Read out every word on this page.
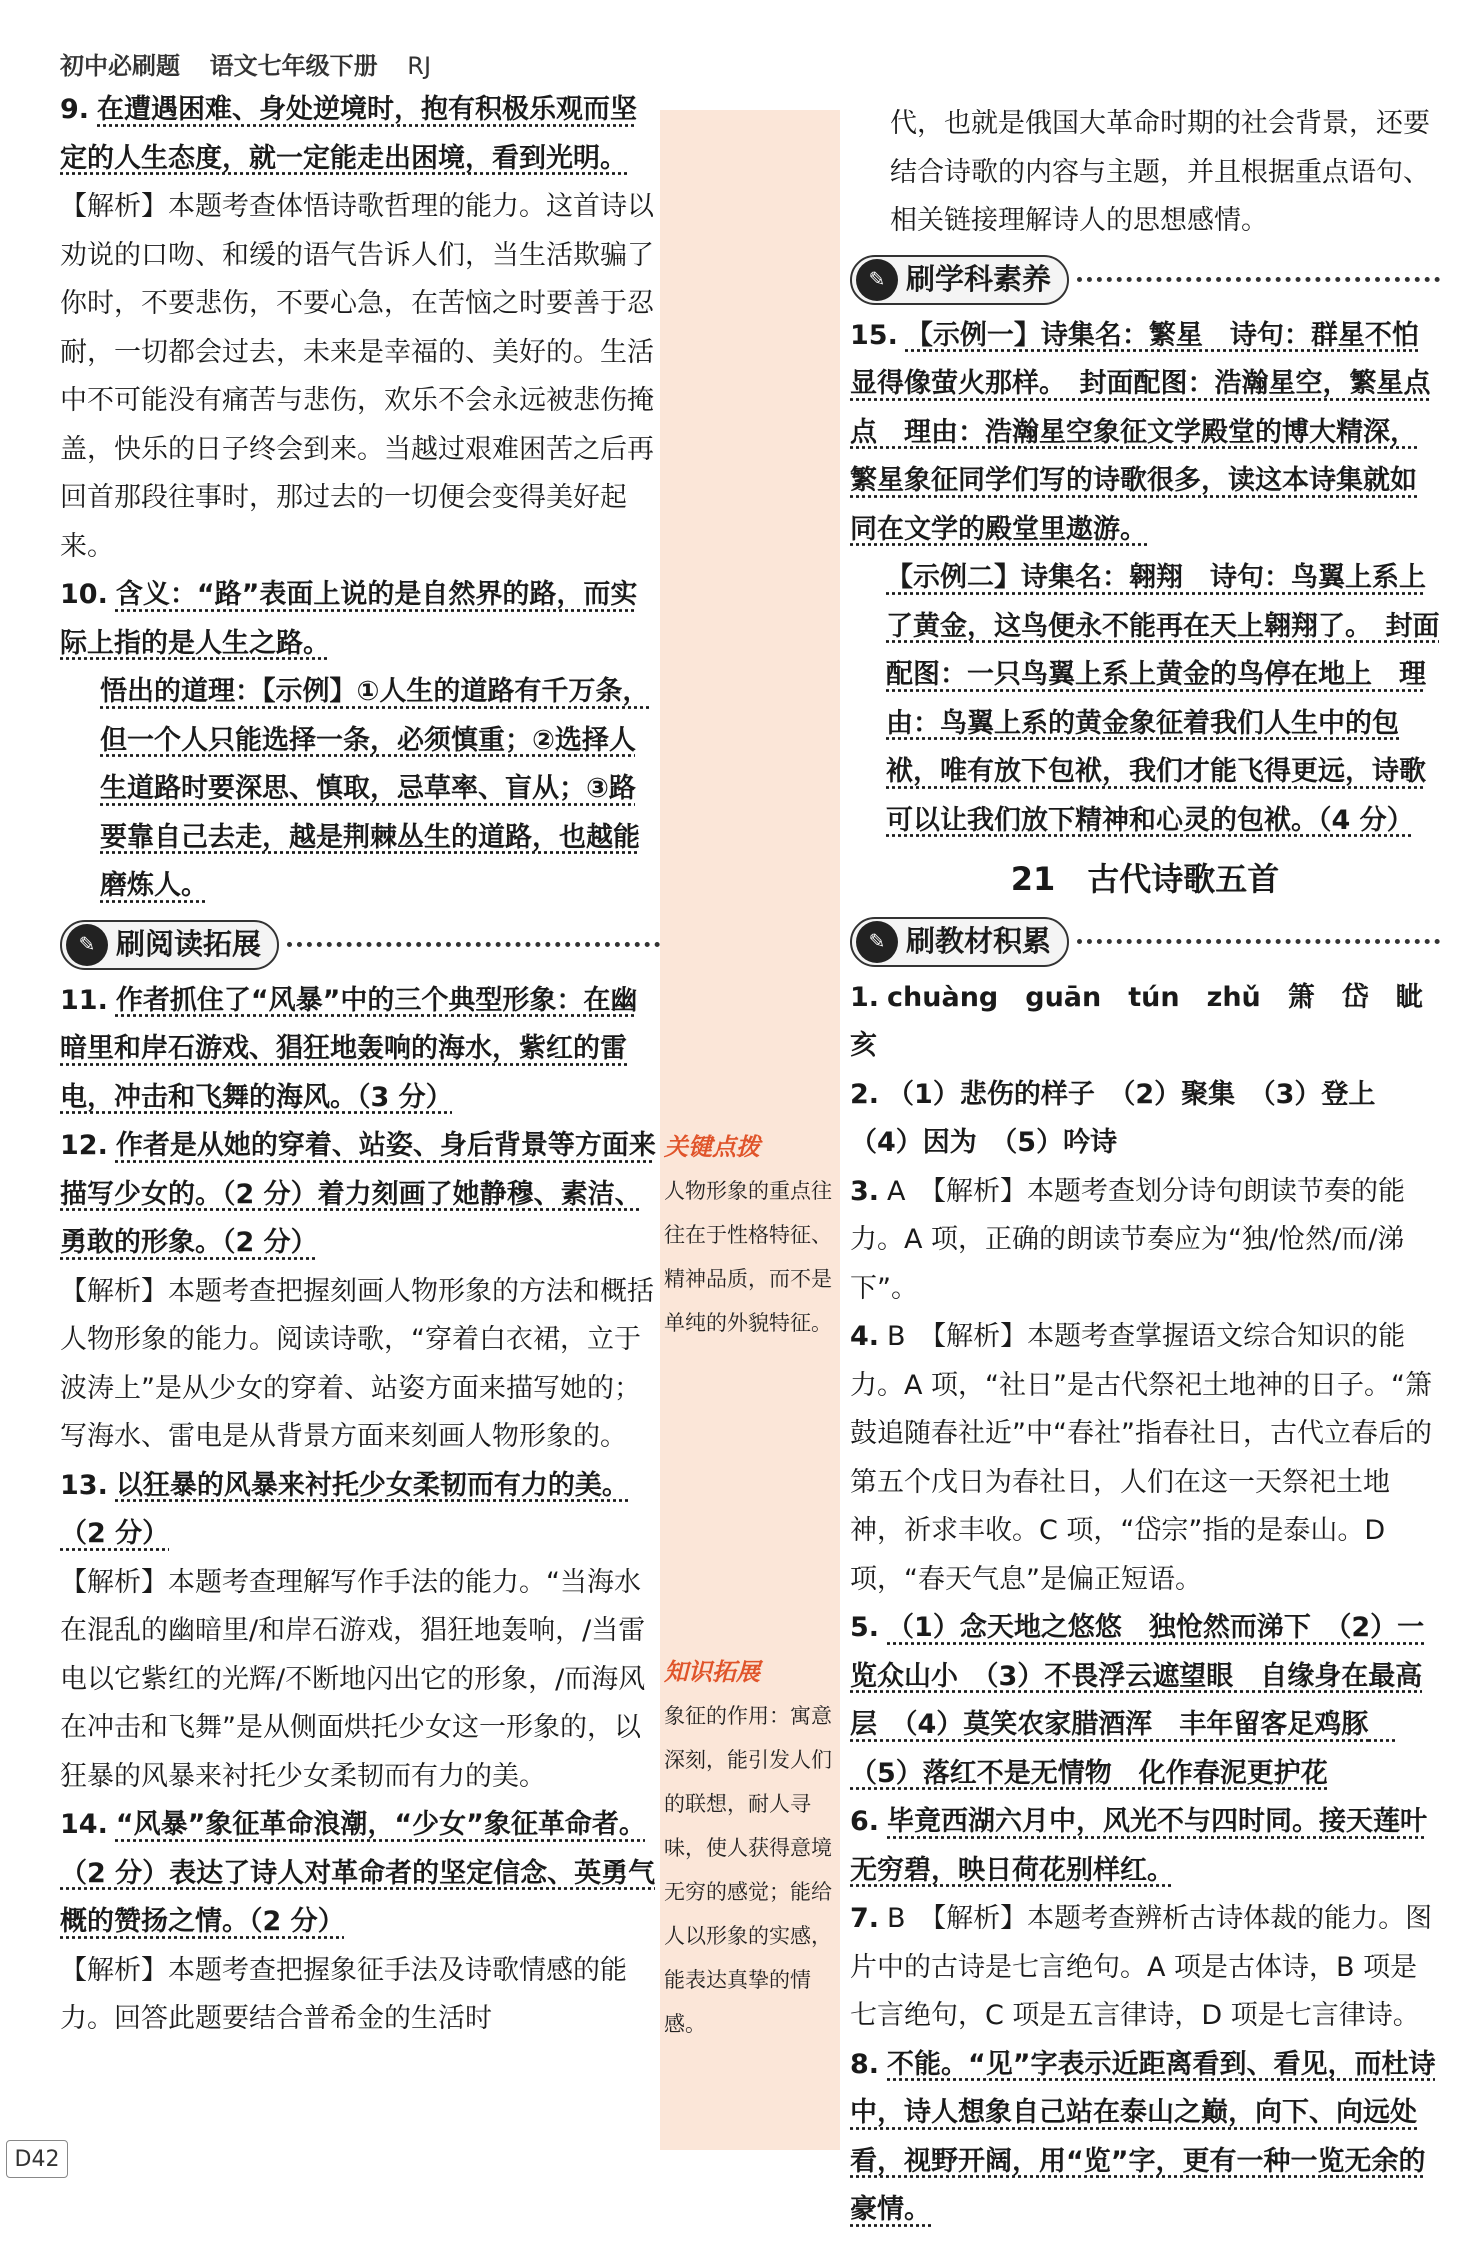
初中必刷题 语文七年级下册 RJ

9. 在遭遇困难、身处逆境时，抱有积极乐观而坚定的人生态度，就一定能走出困境，看到光明。

【解析】本题考查体悟诗歌哲理的能力。这首诗以劝说的口吻、和缓的语气告诉人们，当生活欺骗了你时，不要悲伤，不要心急，在苦恼之时要善于忍耐，一切都会过去，未来是幸福的、美好的。生活中不可能没有痛苦与悲伤，欢乐不会永远被悲伤掩盖，快乐的日子终会到来。当越过艰难困苦之后再回首那段往事时，那过去的一切便会变得美好起来。

10. 含义：“路”表面上说的是自然界的路，而实际上指的是人生之路。

悟出的道理：【示例】①人生的道路有千万条，但一个人只能选择一条，必须慎重；②选择人生道路时要深思、慎取，忌草率、盲从；③路要靠自己去走，越是荆棘丛生的道路，也越能磨炼人。

✎ 刷阅读拓展

11. 作者抓住了“风暴”中的三个典型形象：在幽暗里和岸石游戏、猖狂地轰响的海水，紫红的雷电，冲击和飞舞的海风。（3 分）

12. 作者是从她的穿着、站姿、身后背景等方面来描写少女的。（2 分）着力刻画了她静穆、素洁、勇敢的形象。（2 分）

【解析】本题考查把握刻画人物形象的方法和概括人物形象的能力。阅读诗歌，“穿着白衣裙，立于波涛上”是从少女的穿着、站姿方面来描写她的；写海水、雷电是从背景方面来刻画人物形象的。

13. 以狂暴的风暴来衬托少女柔韧而有力的美。（2 分）

【解析】本题考查理解写作手法的能力。“当海水在混乱的幽暗里/和岸石游戏，猖狂地轰响，/当雷电以它紫红的光辉/不断地闪出它的形象，/而海风在冲击和飞舞”是从侧面烘托少女这一形象的，以狂暴的风暴来衬托少女柔韧而有力的美。

14. “风暴”象征革命浪潮，“少女”象征革命者。（2 分）表达了诗人对革命者的坚定信念、英勇气概的赞扬之情。（2 分）

【解析】本题考查把握象征手法及诗歌情感的能力。回答此题要结合普希金的生活时

关键点拨
人物形象的重点往往在于性格特征、精神品质，而不是单纯的外貌特征。
知识拓展
象征的作用：寓意深刻，能引发人们的联想，耐人寻味，使人获得意境无穷的感觉；能给人以形象的实感，能表达真挚的情感。

代，也就是俄国大革命时期的社会背景，还要结合诗歌的内容与主题，并且根据重点语句、相关链接理解诗人的思想感情。

✎ 刷学科素养

15. 【示例一】诗集名：繁星　诗句：群星不怕显得像萤火那样。　封面配图：浩瀚星空，繁星点点　理由：浩瀚星空象征文学殿堂的博大精深，繁星象征同学们写的诗歌很多，读这本诗集就如同在文学的殿堂里遨游。

【示例二】诗集名：翱翔　诗句：鸟翼上系上了黄金，这鸟便永不能再在天上翱翔了。　封面配图：一只鸟翼上系上黄金的鸟停在地上　理由：鸟翼上系的黄金象征着我们人生中的包袱，唯有放下包袱，我们才能飞得更远，诗歌可以让我们放下精神和心灵的包袱。（4 分）

21　古代诗歌五首
✎ 刷教材积累

1. chuàng　guān　tún　zhǔ　箫　岱　眦　亥

2. （1）悲伤的样子　（2）聚集　（3）登上　（4）因为　（5）吟诗

3. A　【解析】本题考查划分诗句朗读节奏的能力。A 项，正确的朗读节奏应为“独/怆然/而/涕下”。

4. B　【解析】本题考查掌握语文综合知识的能力。A 项，“社日”是古代祭祀土地神的日子。“箫鼓追随春社近”中“春社”指春社日，古代立春后的第五个戊日为春社日，人们在这一天祭祀土地神，祈求丰收。C 项，“岱宗”指的是泰山。D 项，“春天气息”是偏正短语。

5. （1）念天地之悠悠　独怆然而涕下　（2）一览众山小　（3）不畏浮云遮望眼　自缘身在最高层　（4）莫笑农家腊酒浑　丰年留客足鸡豚　（5）落红不是无情物　化作春泥更护花

6. 毕竟西湖六月中，风光不与四时同。接天莲叶无穷碧，映日荷花别样红。

7. B　【解析】本题考查辨析古诗体裁的能力。图片中的古诗是七言绝句。A 项是古体诗，B 项是七言绝句，C 项是五言律诗，D 项是七言律诗。

8. 不能。“见”字表示近距离看到、看见，而杜诗中，诗人想象自己站在泰山之巅，向下、向远处看，视野开阔，用“览”字，更有一种一览无余的豪情。

D42
